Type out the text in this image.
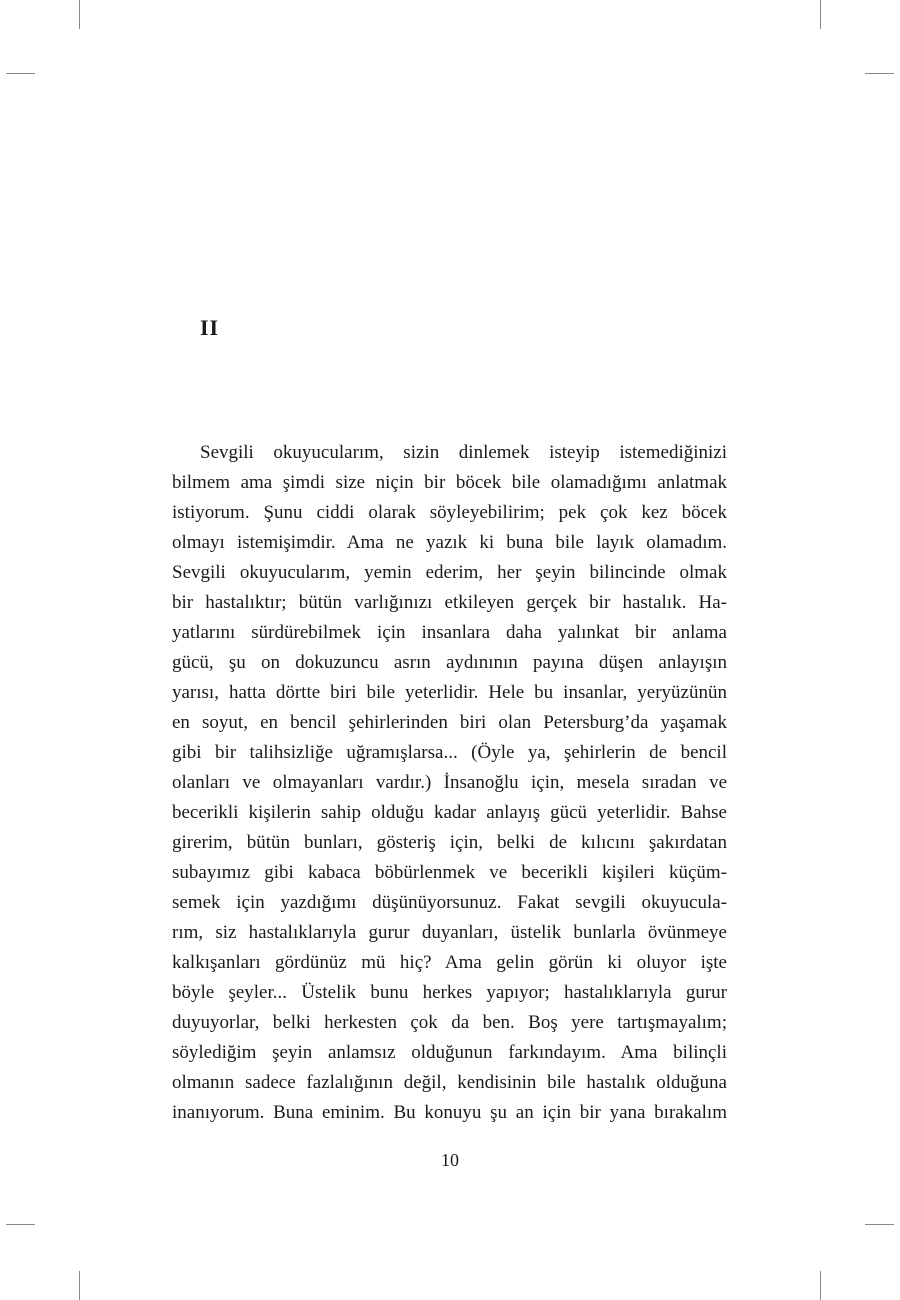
II
Sevgili okuyucularım, sizin dinlemek isteyip istemediğinizi
bilmem ama şimdi size niçin bir böcek bile olamadığımı anlatmak
istiyorum. Şunu ciddi olarak söyleyebilirim; pek çok kez böcek
olmayı istemişimdir. Ama ne yazık ki buna bile layık olamadım.
Sevgili okuyucularım, yemin ederim, her şeyin bilincinde olmak
bir hastalıktır; bütün varlığınızı etkileyen gerçek bir hastalık. Ha-
yatlarını sürdürebilmek için insanlara daha yalınkat bir anlama
gücü, şu on dokuzuncu asrın aydınının payına düşen anlayışın
yarısı, hatta dörtte biri bile yeterlidir. Hele bu insanlar, yeryüzünün
en soyut, en bencil şehirlerinden biri olan Petersburg’da yaşamak
gibi bir talihsizliğe uğramışlarsa... (Öyle ya, şehirlerin de bencil
olanları ve olmayanları vardır.) İnsanoğlu için, mesela sıradan ve
becerikli kişilerin sahip olduğu kadar anlayış gücü yeterlidir. Bahse
girerim, bütün bunları, gösteriş için, belki de kılıcını şakırdatan
subayımız gibi kabaca böbürlenmek ve becerikli kişileri küçüm-
semek için yazdığımı düşünüyorsunuz. Fakat sevgili okuyucula-
rım, siz hastalıklarıyla gurur duyanları, üstelik bunlarla övünmeye
kalkışanları gördünüz mü hiç? Ama gelin görün ki oluyor işte
böyle şeyler... Üstelik bunu herkes yapıyor; hastalıklarıyla gurur
duyuyorlar, belki herkesten çok da ben. Boş yere tartışmayalım;
söylediğim şeyin anlamsız olduğunun farkındayım. Ama bilinçli
olmanın sadece fazlalığının değil, kendisinin bile hastalık olduğuna
inanıyorum. Buna eminim. Bu konuyu şu an için bir yana bırakalım
10
